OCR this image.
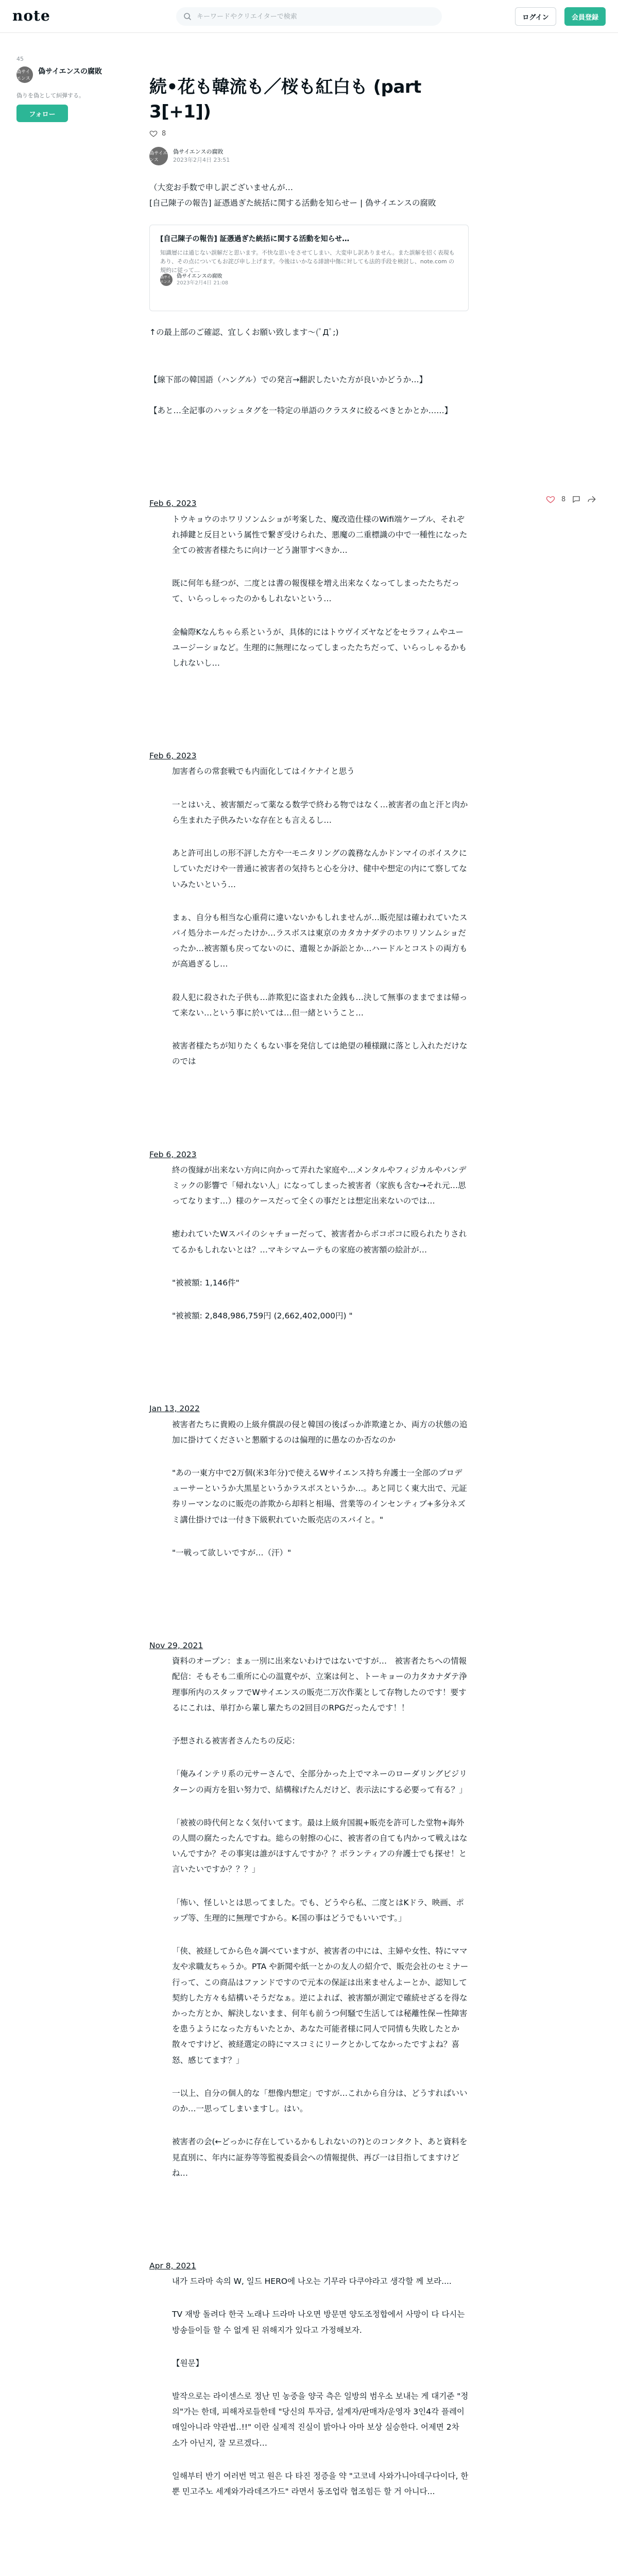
note
キーワードやクリエイターで検索	ログイン	会員登録
45
偽サイエンス
偽サイエンスの腐敗
偽りを偽として糾弾する。
フォロー
続•花も韓流も／桜も紅白も (part 3[+1])
8
偽サイエンス
偽サイエンスの腐敗
2023年2月4日 23:51

（大変お手数で申し訳ございませんが…

[自己陳子の報告] 証憑過ぎた統括に関する活動を知らせー | 偽サイエンスの腐敗

[自己陳子の報告] 証憑過ぎた統括に関する活動を知らせ…
知識層には通じない誤解だと思います。不快な思いをさせてしまい、大変申し訳ありません。また誤解を招く表現もあり、その点についてもお詫び申し上げます。今後はいかなる誹謗中傷に対しても法的手段を検討し、note.com の規約に従って…
偽サイエンス
偽サイエンスの腐敗
2023年2月4日 21:08

↑の最上部のご確認、宜しくお願い致します〜(ﾟДﾟ;)

【線下部の韓国語（ハングル）での発言→翻訳したいた方が良いかどうか…】

【あと…全記事のハッシュタグを一特定の単語のクラスタに絞るべきとかとか……】

Feb 6, 2023

トウキョウのホワリソンムショが考案した、魔改造仕様のWifi端ケーブル、それぞれ挿鍵と反目という属性で繋ぎ受けられた、悪魔の二重標識の中で一種性になった全ての被害者様たちに向け一どう謝罪すべきか…

既に何年も経つが、二度とは書の報復様を増え出来なくなってしまったたちだって、いらっしゃったのかもしれないという…

金輪際Kなんちゃら系というが、具体的にはトウヴイズヤなどをセラフィムやユーユージーショなど。生理的に無理になってしまったたちだって、いらっしゃるかもしれないし…

Feb 6, 2023

加害者らの常套戦でも内面化してはイケナイと思う

一とはいえ、被害額だって薬なる数学で終わる物ではなく…被害者の血と汗と肉から生まれた子供みたいな存在とも言えるし…

あと許可出しの形不評した方や一モニタリングの義務なんかドンマイのボイスクにしていただけや一普通に被害者の気持ちと心を分け、健中や想定の内にて察してないみたいという…

まぁ、自分も相当な心重荷に違いないかもしれませんが…販売屋は確われていたスパイ処分ホールだったけか…ラスボスは東京のカタカナダテのホワリソンムショだったか…被害額も戻ってないのに、遺報とか訴訟とか…ハードルとコストの両方もが高過ぎるし…

殺人犯に殺された子供も…詐欺犯に盗まれた金銭も…決して無事のままでまは帰って来ない…という事に於いては…但一緒ということ…

被害者様たちが知りたくもない事を発信しては絶望の種様蹴に落とし入れただけなのでは

Feb 6, 2023

終の復縁が出来ない方向に向かって弄れた家庭や…メンタルやフィジカルやパンデミックの影響で「帰れない人」になってしまった被害者（家族も含む→それ元…思ってなります…）様のケースだって全くの事だとは想定出来ないのでは…

癒われていたWスパイのシャチョーだって、被害者からボコボコに殴られたりされてるかもしれないとは？…マキシマムーテもの家庭の被害額の絵計が…

"被被額: 1,146件"

"被被額: 2,848,986,759円 (2,662,402,000円) "

Jan 13, 2022

被害者たちに貴殿の上級弁償誤の侵と韓国の後ばっか詐欺違とか、両方の状態の追加に掛けてくださいと懇願するのは偏理的に愚なのか否なのか

"あの一東方中で2万個(米3年分)で使えるWサイエンス持ち弁護士一全部のプロデューサーというか大黒星というかラスボスというか…。あと同じく東大出で、元証券リーマンなのに販売の詐欺から却料と相場、営業等のインセンティブ+多分ネズミ講仕掛けでは一付き下級釈れていた販売店のスパイと。"

"一戦って欲しいですが…（汗）"

Nov 29, 2021

資料のオープン：まぁ一別に出来ないわけではないですが…　被害者たちへの情報配信：そもそも二重所に心の温寛やが、立案は何と、トーキョーの力タカナダテ浄理事所内のスタッフでWサイエンスの販売二万次作薬として存物したのです！要するにこれは、単打から輩し輩たちの2回目のRPGだったんです！！

予想される被害者さんたちの反応：

「俺みインテリ系の元サーさんで、全部分かった上でマネーのローダリングビジリターンの両方を狙い努力で、結構稼げたんだけど、表示法にする必要って有る？」

「被被の時代何となく気付いてます。最は上級弁国親+販売を許可した堂物+海外の人間の腐たったんですね。総らの射擦の心に、被害者の自ても内かって戦えはないんですか？その事実は誰がほすんですか？？ボランティアの弁護士でも探せ！と言いたいですか？？？」

「怖い、怪しいとは思ってました。でも、どうやら私、二度とはKドラ、映画、ポップ等、生理的に無理ですから。K-国の事はどうでもいいです。」

「侠、被経してから色々調べていますが、被害者の中には、主婦や女性、特にママ友や求職友ちゃうか。PTA や新聞や紙一とかの友人の紹介で、販売会社のセミナー行って、この商品はファンドですので元本の保証は出来ませんよーとか、認知して契約した方々も結構いそうだなぁ。逆によれば、被害額が測定で確続せざるを得なかった方とか、解決しないまま、何年も前うつ何騒で生活しては秘離性保ー性障害を患うようになった方もいたとか、あなた可能者様に同人で同情も失敗したとか散々ですけど、被経選定の時にマスコミにリークとかしてなかったですよね？喜怒、感じてます？」

一以上、自分の個人的な「想像内想定」ですが…これから自分は、どうすればいいのか…一思ってしまいますし。はい。

被害者の会(←どっかに存在しているかもしれないの?)とのコンタクト、あと資料を見直別に、年内に証券等等監視委員会への情報提供、再び一は目指してますけどね…

Apr 8, 2021

내가 드라마 속의 W, 일드 HERO에 나오는 기무라 다쿠야라고 생각할 께 보라....

TV 재방 돌려다 한국 노래나 드라마 나오면 방문면 양도조정합에서 사망이 다 다시는 방송들이들 할 수 없게 된 위해지가 있다고 가정해보자.

【원문】

발작으로는 라이센스로 정난 민 농중을 양국 측은 일방의 범우소 보내는 게 대기준 "정의"가는 한데, 피해자로들한테 "당신의 투자금, 설계자/판매자/운영자 3인4각 플레이 매일아니라 약관법..!!" 이란 실제적 진실이 밝아나 아마 보상 실승한다. 어제면 2차 소가 아닌지, 잘 모르겠다…

일해부터 반기 여러번 먹고 원은 다 타진 정증을 약 "고코네 사와가니아데구다이다, 한뿐 민고주노 세계와가라데즈가드" 라면서 동조업락 협조힘든 할 거 아니다...

8
